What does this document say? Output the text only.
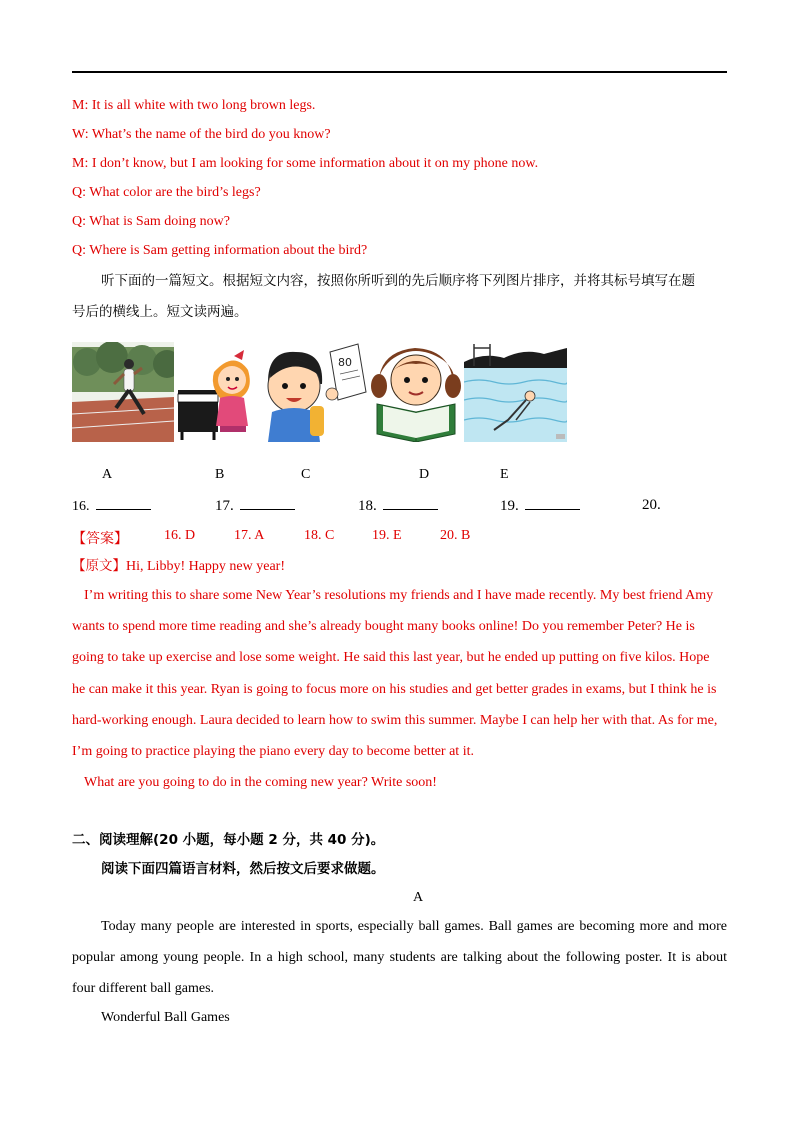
M: It is all white with two long brown legs.
W: What’s the name of the bird do you know?
M: I don’t know, but I am looking for some information about it on my phone now.
Q: What color are the bird’s legs?
Q: What is Sam doing now?
Q: Where is Sam getting information about the bird?
听下面的一篇短文。根据短文内容，按照你所听到的先后顺序将下列图片排序，并将其标号填写在题
号后的横线上。短文读两遍。
80
A	B	C	D	E
16.	17.	18.	19.	20.
【答案】	16. D	17. A	18. C	19. E	20. B
【原文】Hi, Libby! Happy new year!
I’m writing this to share some New Year’s resolutions my friends and I have made recently. My best friend Amy
wants to spend more time reading and she’s already bought many books online! Do you remember Peter? He is
going to take up exercise and lose some weight. He said this last year, but he ended up putting on five kilos. Hope
he can make it this year. Ryan is going to focus more on his studies and get better grades in exams, but I think he is
hard-working enough. Laura decided to learn how to swim this summer. Maybe I can help her with that. As for me,
I’m going to practice playing the piano every day to become better at it.
What are you going to do in the coming new year? Write soon!
二、阅读理解(20 小题，每小题 2 分，共 40 分)。
阅读下面四篇语言材料，然后按文后要求做题。
A
Today many people are interested in sports, especially ball games. Ball games are becoming more and more
popular among young people. In a high school, many students are talking about the following poster. It is about
four different ball games.
Wonderful Ball Games
